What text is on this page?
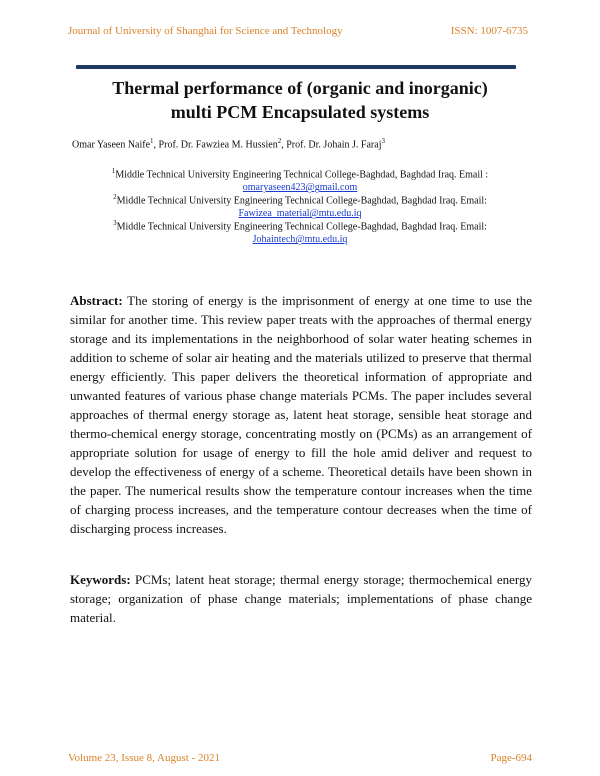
Journal of University of Shanghai for Science and Technology	ISSN: 1007-6735
Thermal performance of (organic and inorganic)
multi PCM Encapsulated systems
Omar Yaseen Naife$^1$, Prof. Dr. Fawziea M. Hussien$^2$, Prof. Dr. Johain J. Faraj$^3$
$^1$Middle Technical University Engineering Technical College-Baghdad, Baghdad Iraq. Email :
omaryaseen423@gmail.com
$^2$Middle Technical University Engineering Technical College-Baghdad, Baghdad Iraq. Email:
Fawizea_material@mtu.edu.iq
$^3$Middle Technical University Engineering Technical College-Baghdad, Baghdad Iraq. Email:
Johaintech@mtu.edu.iq
Abstract: The storing of energy is the imprisonment of energy at one time to use the similar for another time. This review paper treats with the approaches of thermal energy storage and its implementations in the neighborhood of solar water heating schemes in addition to scheme of solar air heating and the materials utilized to preserve that thermal energy efficiently. This paper delivers the theoretical information of appropriate and unwanted features of various phase change materials PCMs. The paper includes several approaches of thermal energy storage as, latent heat storage, sensible heat storage and thermo-chemical energy storage, concentrating mostly on (PCMs) as an arrangement of appropriate solution for usage of energy to fill the hole amid deliver and request to develop the effectiveness of energy of a scheme. Theoretical details have been shown in the paper. The numerical results show the temperature contour increases when the time of charging process increases, and the temperature contour decreases when the time of discharging process increases.
Keywords: PCMs; latent heat storage; thermal energy storage; thermochemical energy storage; organization of phase change materials; implementations of phase change material.
Volume 23, Issue 8, August - 2021	Page-694
